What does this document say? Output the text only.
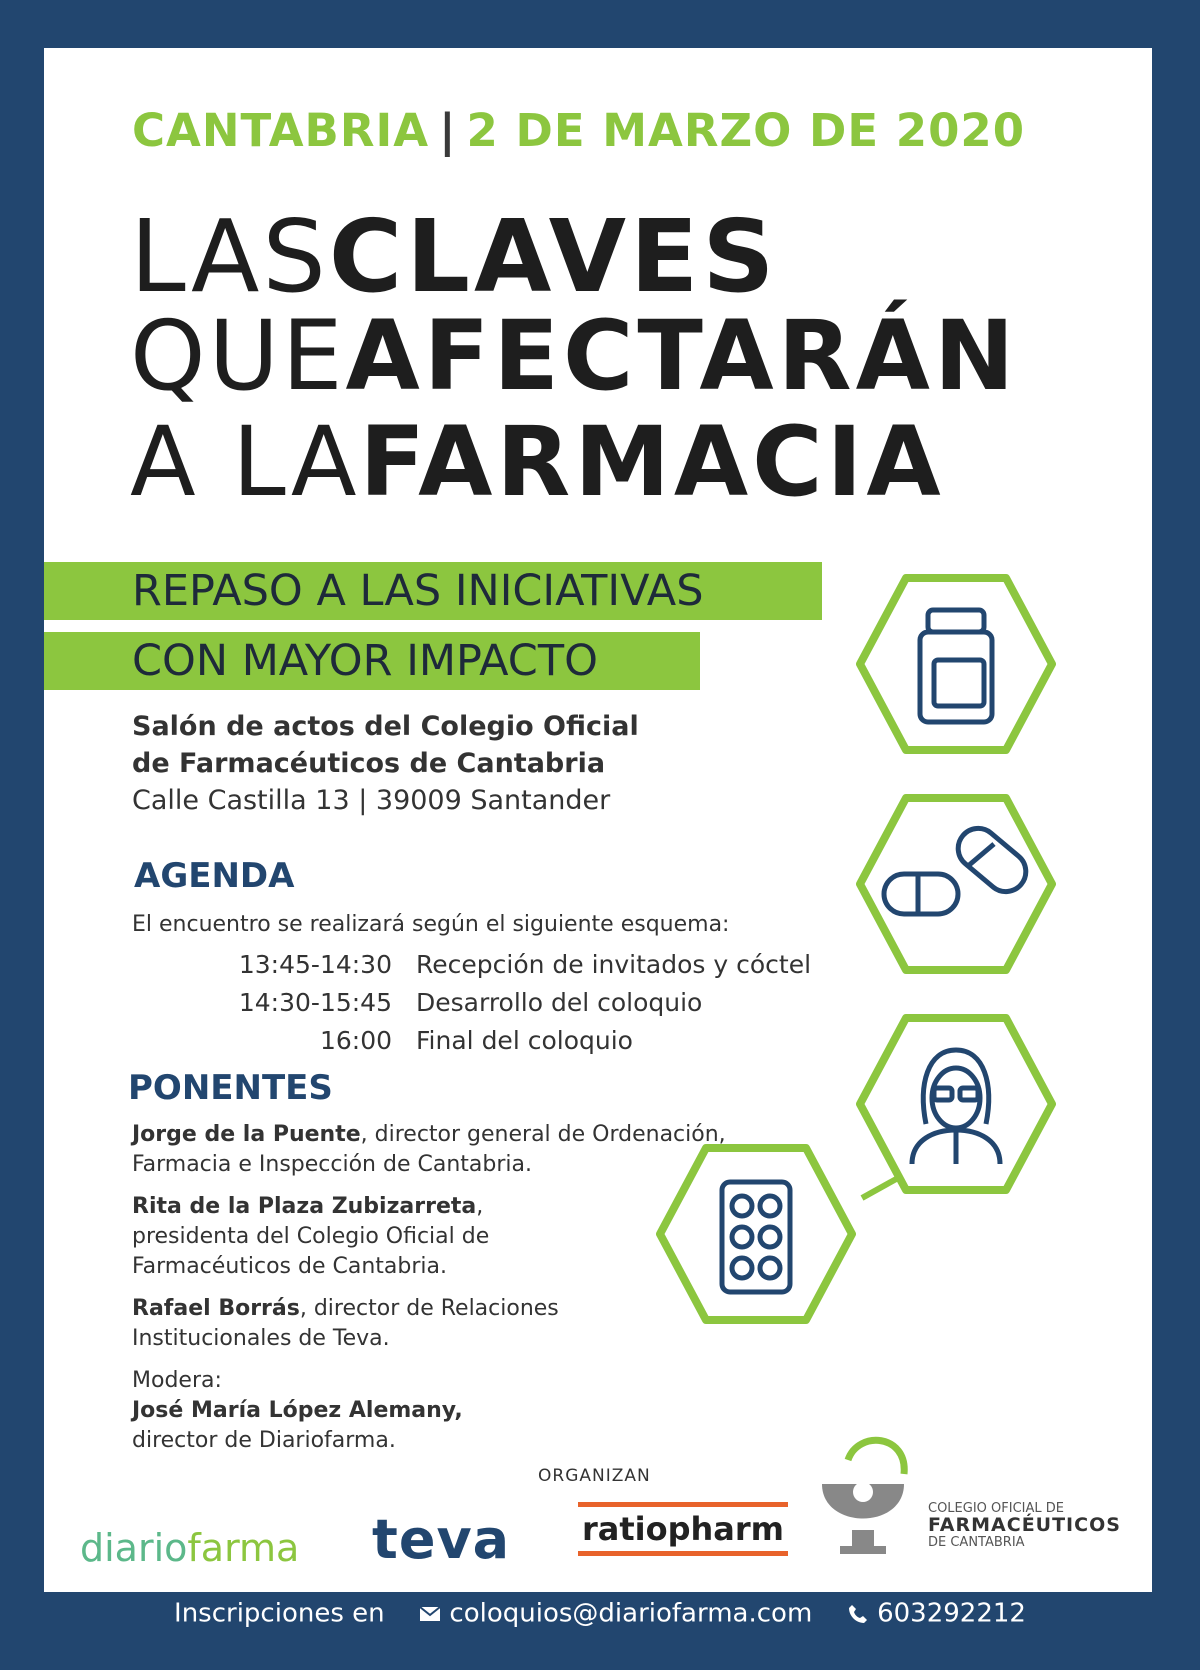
CANTABRIA | 2 DE MARZO DE 2020
LASCLAVES
QUEAFECTARÁN
A LAFARMACIA
REPASO A LAS INICIATIVAS
CON MAYOR IMPACTO
Salón de actos del Colegio Oficial
de Farmacéuticos de Cantabria
Calle Castilla 13 | 39009 Santander
AGENDA
El encuentro se realizará según el siguiente esquema:
13:45-14:30 Recepción de invitados y cóctel
14:30-15:45 Desarrollo del coloquio
16:00 Final del coloquio
PONENTES
Jorge de la Puente, director general de Ordenación, Farmacia e Inspección de Cantabria.
Rita de la Plaza Zubizarreta, presidenta del Colegio Oficial de Farmacéuticos de Cantabria.
Rafael Borrás, director de Relaciones Institucionales de Teva.
Modera:
José María López Alemany,
director de Diariofarma.
ORGANIZAN
diariofarma teva ratiopharm
COLEGIO OFICIAL DE
FARMACÉUTICOS
DE CANTABRIA
Inscripciones en coloquios@diariofarma.com 603292212
